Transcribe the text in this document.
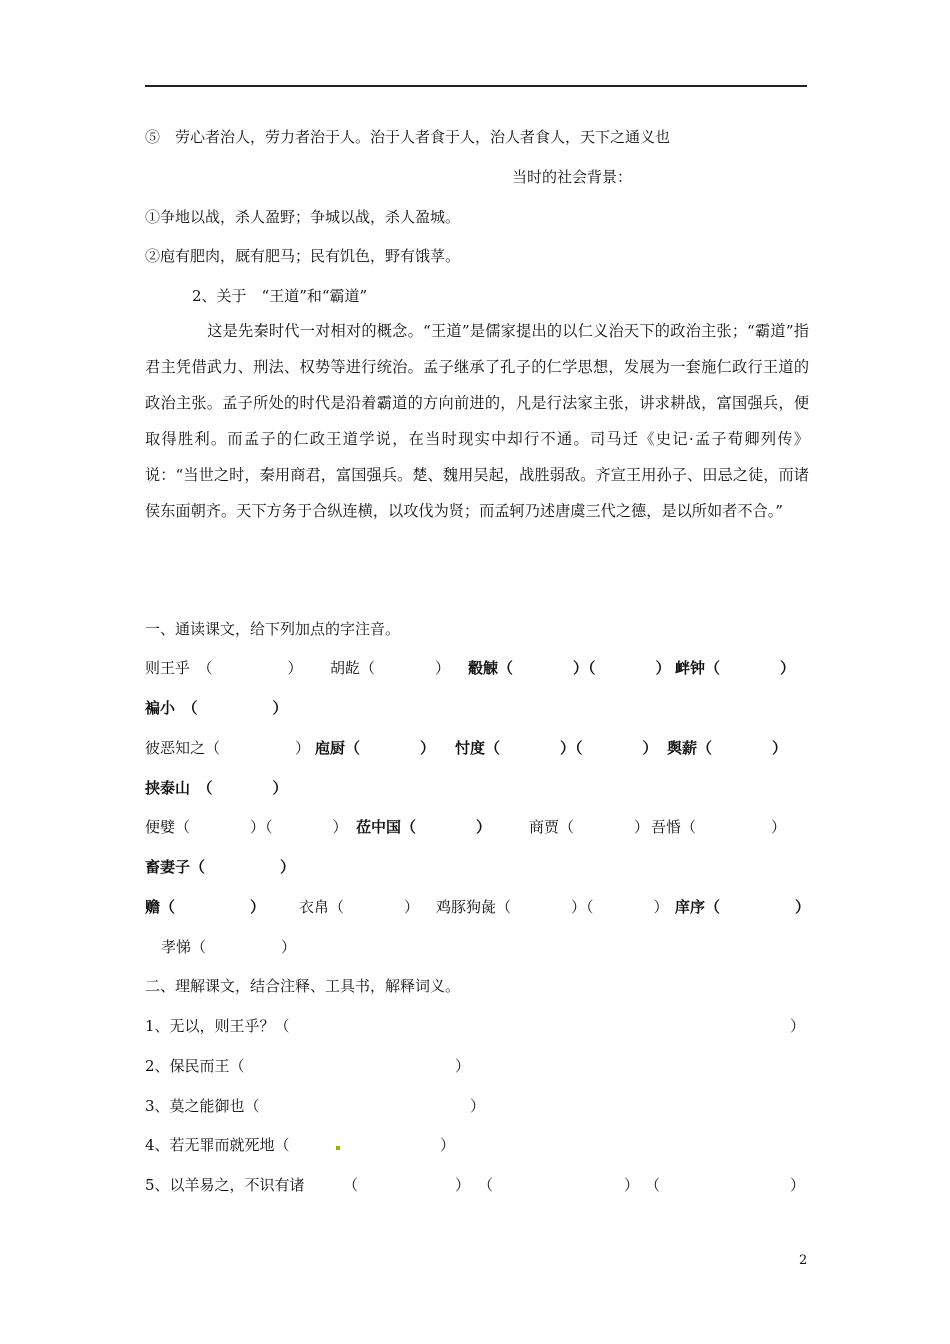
⑤　劳心者治人，劳力者治于人。治于人者食于人，治人者食人，天下之通义也
当时的社会背景：
①争地以战，杀人盈野；争城以战，杀人盈城。
②庖有肥肉，厩有肥马；民有饥色，野有饿莩。
2、关于　“王道”和“霸道”
这是先秦时代一对相对的概念。“王道”是儒家提出的以仁义治天下的政治主张；“霸道”指君主凭借武力、刑法、权势等进行统治。孟子继承了孔子的仁学思想，发展为一套施仁政行王道的政治主张。孟子所处的时代是沿着霸道的方向前进的，凡是行法家主张，讲求耕战，富国强兵，便取得胜利。而孟子的仁政王道学说，在当时现实中却行不通。司马迁《史记·孟子荀卿列传》说：“当世之时，秦用商君，富国强兵。楚、魏用吴起，战胜弱敌。齐宣王用孙子、田忌之徒，而诸侯东面朝齐。天下方务于合纵连横，以攻伐为贤；而孟轲乃述唐虞三代之德，是以所如者不合。”
一、通读课文，给下列加点的字注音。
则王乎　（　　　　　） 胡龁（　　　　） 觳觫（　　　　）（　　　　） 衅钟（　　　　）
褊小　（　　　　　）
彼恶知之（　　　　　） 庖厨（　　　　） 忖度（　　　　）（　　　　） 舆薪（　　　　）
挟泰山　（　　　　）
便嬖（　　　　）（　　　　） 莅中国（　　　　）	商贾（　　　　） 吾惛（　　　　　）
畜妻子（　　　　　）
赡（　　　　　） 衣帛（　　　　） 鸡豚狗彘（　　　　）（　　　　） 庠序（　　　　　）
孝悌（　　　　　）
二、理解课文，结合注释、工具书，解释词义。
1、无以，则王乎？（	）
2、保民而王（	）
3、莫之能御也（	）
4、若无罪而就死地（	）
5、以羊易之，不识有诸	（	） （	） （	）
2
